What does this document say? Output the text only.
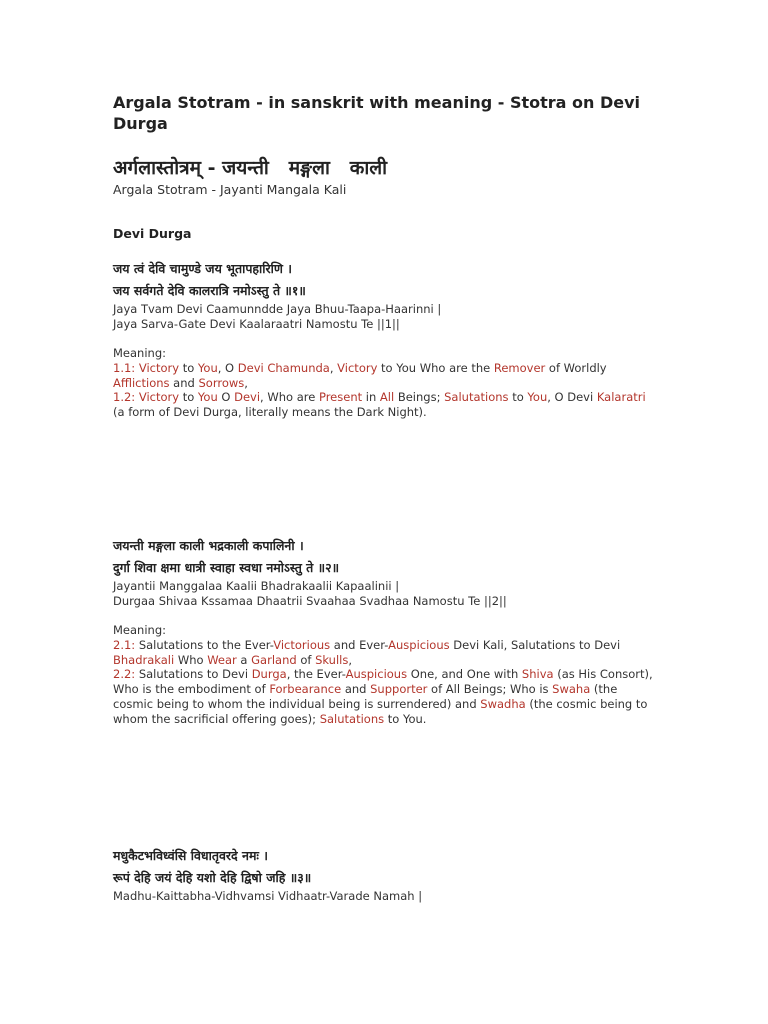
Argala Stotram - in sanskrit with meaning - Stotra on Devi Durga
अर्गलास्तोत्रम् - जयन्ती   मङ्गला   काली
Argala Stotram - Jayanti Mangala Kali
Devi Durga
जय त्वं देवि चामुण्डे जय भूतापहारिणि ।
जय सर्वगते देवि कालरात्रि नमोऽस्तु ते ॥१॥
Jaya Tvam Devi Caamunndde Jaya Bhuu-Taapa-Haarinni |
Jaya Sarva-Gate Devi Kaalaraatri Namostu Te ||1||
Meaning:
1.1: Victory to You, O Devi Chamunda, Victory to You Who are the Remover of Worldly Afflictions and Sorrows,
1.2: Victory to You O Devi, Who are Present in All Beings; Salutations to You, O Devi Kalaratri (a form of Devi Durga, literally means the Dark Night).
जयन्ती मङ्गला काली भद्रकाली कपालिनी ।
दुर्गा शिवा क्षमा धात्री स्वाहा स्वधा नमोऽस्तु ते ॥२॥
Jayantii Manggalaa Kaalii Bhadrakaalii Kapaalinii |
Durgaa Shivaa Kssamaa Dhaatrii Svaahaa Svadhaa Namostu Te ||2||
Meaning:
2.1: Salutations to the Ever-Victorious and Ever-Auspicious Devi Kali, Salutations to Devi Bhadrakali Who Wear a Garland of Skulls,
2.2: Salutations to Devi Durga, the Ever-Auspicious One, and One with Shiva (as His Consort), Who is the embodiment of Forbearance and Supporter of All Beings; Who is Swaha (the cosmic being to whom the individual being is surrendered) and Swadha (the cosmic being to whom the sacrificial offering goes); Salutations to You.
मधुकैटभविध्वंसि विधातृवरदे नमः ।
रूपं देहि जयं देहि यशो देहि द्विषो जहि ॥३॥
Madhu-Kaittabha-Vidhvamsi Vidhaatr-Varade Namah |
